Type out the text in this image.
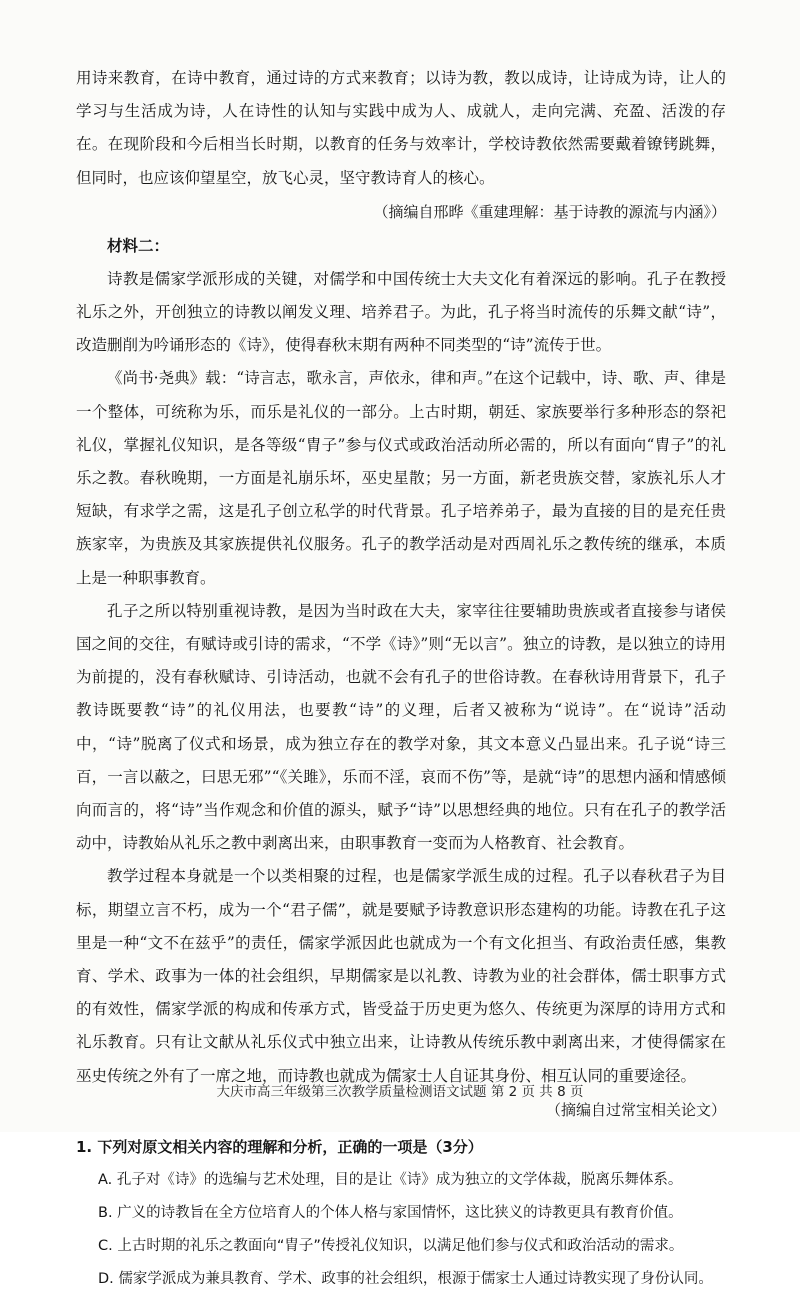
用诗来教育，在诗中教育，通过诗的方式来教育；以诗为教，教以成诗，让诗成为诗，让人的学习与生活成为诗，人在诗性的认知与实践中成为人、成就人，走向完满、充盈、活泼的存在。在现阶段和今后相当长时期，以教育的任务与效率计，学校诗教依然需要戴着镣铐跳舞，但同时，也应该仰望星空，放飞心灵，坚守教诗育人的核心。

（摘编自邢晔《重建理解：基于诗教的源流与内涵》）

材料二：

诗教是儒家学派形成的关键，对儒学和中国传统士大夫文化有着深远的影响。孔子在教授礼乐之外，开创独立的诗教以阐发义理、培养君子。为此，孔子将当时流传的乐舞文献“诗”，改造删削为吟诵形态的《诗》，使得春秋末期有两种不同类型的“诗”流传于世。

《尚书·尧典》载：“诗言志，歌永言，声依永，律和声。”在这个记载中，诗、歌、声、律是一个整体，可统称为乐，而乐是礼仪的一部分。上古时期，朝廷、家族要举行多种形态的祭祀礼仪，掌握礼仪知识，是各等级“胄子”参与仪式或政治活动所必需的，所以有面向“胄子”的礼乐之教。春秋晚期，一方面是礼崩乐坏，巫史星散；另一方面，新老贵族交替，家族礼乐人才短缺，有求学之需，这是孔子创立私学的时代背景。孔子培养弟子，最为直接的目的是充任贵族家宰，为贵族及其家族提供礼仪服务。孔子的教学活动是对西周礼乐之教传统的继承，本质上是一种职事教育。

孔子之所以特别重视诗教，是因为当时政在大夫，家宰往往要辅助贵族或者直接参与诸侯国之间的交往，有赋诗或引诗的需求，“不学《诗》”则“无以言”。独立的诗教，是以独立的诗用为前提的，没有春秋赋诗、引诗活动，也就不会有孔子的世俗诗教。在春秋诗用背景下，孔子教诗既要教“诗”的礼仪用法，也要教“诗”的义理，后者又被称为“说诗”。在“说诗”活动中，“诗”脱离了仪式和场景，成为独立存在的教学对象，其文本意义凸显出来。孔子说“诗三百，一言以蔽之，曰思无邪”“《关雎》，乐而不淫，哀而不伤”等，是就“诗”的思想内涵和情感倾向而言的，将“诗”当作观念和价值的源头，赋予“诗”以思想经典的地位。只有在孔子的教学活动中，诗教始从礼乐之教中剥离出来，由职事教育一变而为人格教育、社会教育。

教学过程本身就是一个以类相聚的过程，也是儒家学派生成的过程。孔子以春秋君子为目标，期望立言不朽，成为一个“君子儒”，就是要赋予诗教意识形态建构的功能。诗教在孔子这里是一种“文不在兹乎”的责任，儒家学派因此也就成为一个有文化担当、有政治责任感，集教育、学术、政事为一体的社会组织，早期儒家是以礼教、诗教为业的社会群体，儒士职事方式的有效性，儒家学派的构成和传承方式，皆受益于历史更为悠久、传统更为深厚的诗用方式和礼乐教育。只有让文献从礼乐仪式中独立出来，让诗教从传统乐教中剥离出来，才使得儒家在巫史传统之外有了一席之地，而诗教也就成为儒家士人自证其身份、相互认同的重要途径。

（摘编自过常宝相关论文）

1. 下列对原文相关内容的理解和分析，正确的一项是（3分）

A. 孔子对《诗》的选编与艺术处理，目的是让《诗》成为独立的文学体裁，脱离乐舞体系。
B. 广义的诗教旨在全方位培育人的个体人格与家国情怀，这比狭义的诗教更具有教育价值。
C. 上古时期的礼乐之教面向“胄子”传授礼仪知识，以满足他们参与仪式和政治活动的需求。
D. 儒家学派成为兼具教育、学术、政事的社会组织，根源于儒家士人通过诗教实现了身份认同。
大庆市高三年级第三次教学质量检测语文试题 第 2 页 共 8 页
